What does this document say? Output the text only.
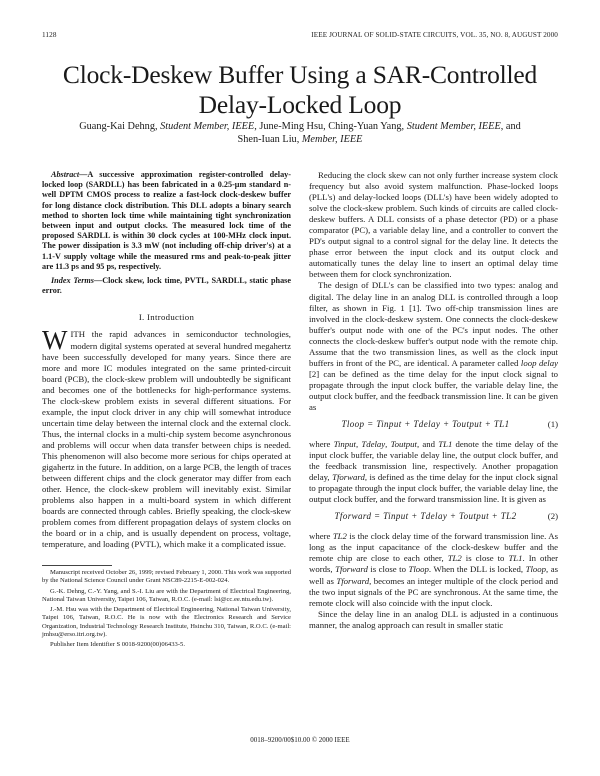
1128	IEEE JOURNAL OF SOLID-STATE CIRCUITS, VOL. 35, NO. 8, AUGUST 2000
Clock-Deskew Buffer Using a SAR-Controlled Delay-Locked Loop
Guang-Kai Dehng, Student Member, IEEE, June-Ming Hsu, Ching-Yuan Yang, Student Member, IEEE, and
Shen-Iuan Liu, Member, IEEE

Abstract—A successive approximation register-controlled delay-locked loop (SARDLL) has been fabricated in a 0.25-μm standard n-well DPTM CMOS process to realize a fast-lock clock-deskew buffer for long distance clock distribution. This DLL adopts a binary search method to shorten lock time while maintaining tight synchronization between input and output clocks. The measured lock time of the proposed SARDLL is within 30 clock cycles at 100-MHz clock input. The power dissipation is 3.3 mW (not including off-chip driver's) at a 1.1-V supply voltage while the measured rms and peak-to-peak jitter are 11.3 ps and 95 ps, respectively.

Index Terms—Clock skew, lock time, PVTL, SARDLL, static phase error.

I. Introduction

WITH the rapid advances in semiconductor technologies, modern digital systems operated at several hundred megahertz have been successfully developed for many years. Since there are more and more IC modules integrated on the same printed-circuit board (PCB), the clock-skew problem will undoubtedly be significant and becomes one of the bottlenecks for high-performance systems. The clock-skew problem exists in several different situations. For example, the input clock driver in any chip will somewhat introduce uncertain time delay between the internal clock and the external clock. Thus, the internal clocks in a multi-chip system become asynchronous and problems will occur when data transfer between chips is needed. This phenomenon will also become more serious for chips operated at gigahertz in the future. In addition, on a large PCB, the length of traces between different chips and the clock generator may differ from each other. Hence, the clock-skew problem will inevitably exist. Similar problems also happen in a multi-board system in which different boards are connected through cables. Briefly speaking, the clock-skew problem comes from different propagation delays of system clocks on the board or in a chip, and is usually dependent on process, voltage, temperature, and loading (PVTL), which make it a complicated issue.

Manuscript received October 26, 1999; revised February 1, 2000. This work was supported by the National Science Council under Grant NSC89-2215-E-002-024.

G.-K. Dehng, C.-Y. Yang, and S.-I. Liu are with the Department of Electrical Engineering, National Taiwan University, Taipei 106, Taiwan, R.O.C. (e-mail: lsi@cc.ee.ntu.edu.tw).

J.-M. Hsu was with the Department of Electrical Engineering, National Taiwan University, Taipei 106, Taiwan, R.O.C. He is now with the Electronics Research and Service Organization, Industrial Technology Research Institute, Hsinchu 310, Taiwan, R.O.C. (e-mail: jmhsu@erso.itri.org.tw).

Publisher Item Identifier S 0018-9200(00)06433-5.

Reducing the clock skew can not only further increase system clock frequency but also avoid system malfunction. Phase-locked loops (PLL's) and delay-locked loops (DLL's) have been widely adopted to solve the clock-skew problem. Such kinds of circuits are called clock-deskew buffers. A DLL consists of a phase detector (PD) or a phase comparator (PC), a variable delay line, and a controller to convert the PD's output signal to a control signal for the delay line. It detects the phase error between the input clock and its output clock and automatically tunes the delay line to insert an optimal delay time between them for clock synchronization.

The design of DLL's can be classified into two types: analog and digital. The delay line in an analog DLL is controlled through a loop filter, as shown in Fig. 1 [1]. Two off-chip transmission lines are involved in the clock-deskew system. One connects the clock-deskew buffer's output node with one of the PC's input nodes. The other connects the clock-deskew buffer's output node with the remote chip. Assume that the two transmission lines, as well as the clock input buffers in front of the PC, are identical. A parameter called loop delay [2] can be defined as the time delay for the input clock signal to propagate through the input clock buffer, the variable delay line, the output clock buffer, and the feedback transmission line. It can be given as

Tloop = Tinput + Tdelay + Toutput + TL1	(1)

where Tinput, Tdelay, Toutput, and TL1 denote the time delay of the input clock buffer, the variable delay line, the output clock buffer, and the feedback transmission line, respectively. Another propagation delay, Tforward, is defined as the time delay for the input clock signal to propagate through the input clock buffer, the variable delay line, the output clock buffer, and the forward transmission line. It is given as

Tforward = Tinput + Tdelay + Toutput + TL2	(2)

where TL2 is the clock delay time of the forward transmission line. As long as the input capacitance of the clock-deskew buffer and the remote chip are close to each other, TL2 is close to TL1. In other words, Tforward is close to Tloop. When the DLL is locked, Tloop, as well as Tforward, becomes an integer multiple of the clock period and the two input signals of the PC are synchronous. At the same time, the remote clock will also coincide with the input clock.

Since the delay line in an analog DLL is adjusted in a continuous manner, the analog approach can result in smaller static

0018–9200/00$10.00 © 2000 IEEE
